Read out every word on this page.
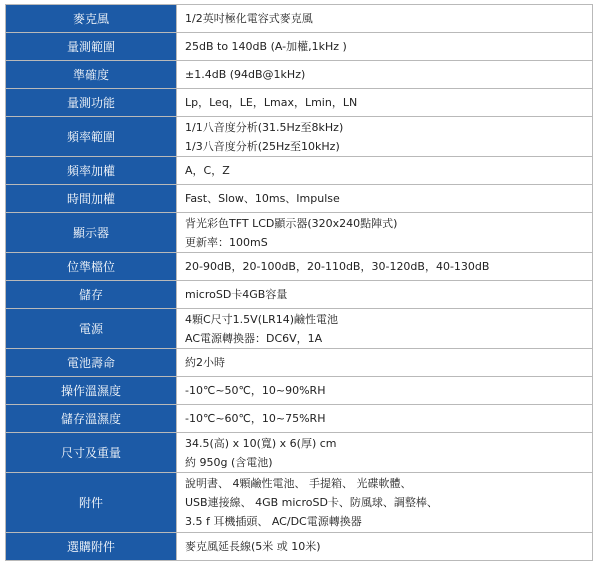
麥克風	1/2英吋極化電容式麥克風

量測範圍	25dB to 140dB (A-加權,1kHz )

準確度	±1.4dB (94dB@1kHz)

量測功能	Lp，Leq，LE，Lmax，Lmin，LN

頻率範圍	1/1八音度分析(31.5Hz至8kHz)
1/3八音度分析(25Hz至10kHz)

頻率加權	A，C，Z

時間加權	Fast、Slow、10ms、Impulse

顯示器	背光彩色TFT LCD顯示器(320x240點陣式)
更新率：100mS

位準檔位	20-90dB，20-100dB，20-110dB，30-120dB，40-130dB

儲存	microSD卡4GB容量

電源	4顆C尺寸1.5V(LR14)鹼性電池
AC電源轉換器：DC6V，1A

電池壽命	約2小時

操作溫濕度	-10℃~50℃，10~90%RH

儲存溫濕度	-10℃~60℃，10~75%RH

尺寸及重量	34.5(高) x 10(寬) x 6(厚) cm
約 950g (含電池)

附件	說明書、 4顆鹼性電池、 手提箱、 光碟軟體、
USB連接線、 4GB microSD卡、防風球、調整棒、
3.5 f 耳機插頭、 AC/DC電源轉換器

選購附件	麥克風延長線(5米 或 10米)
